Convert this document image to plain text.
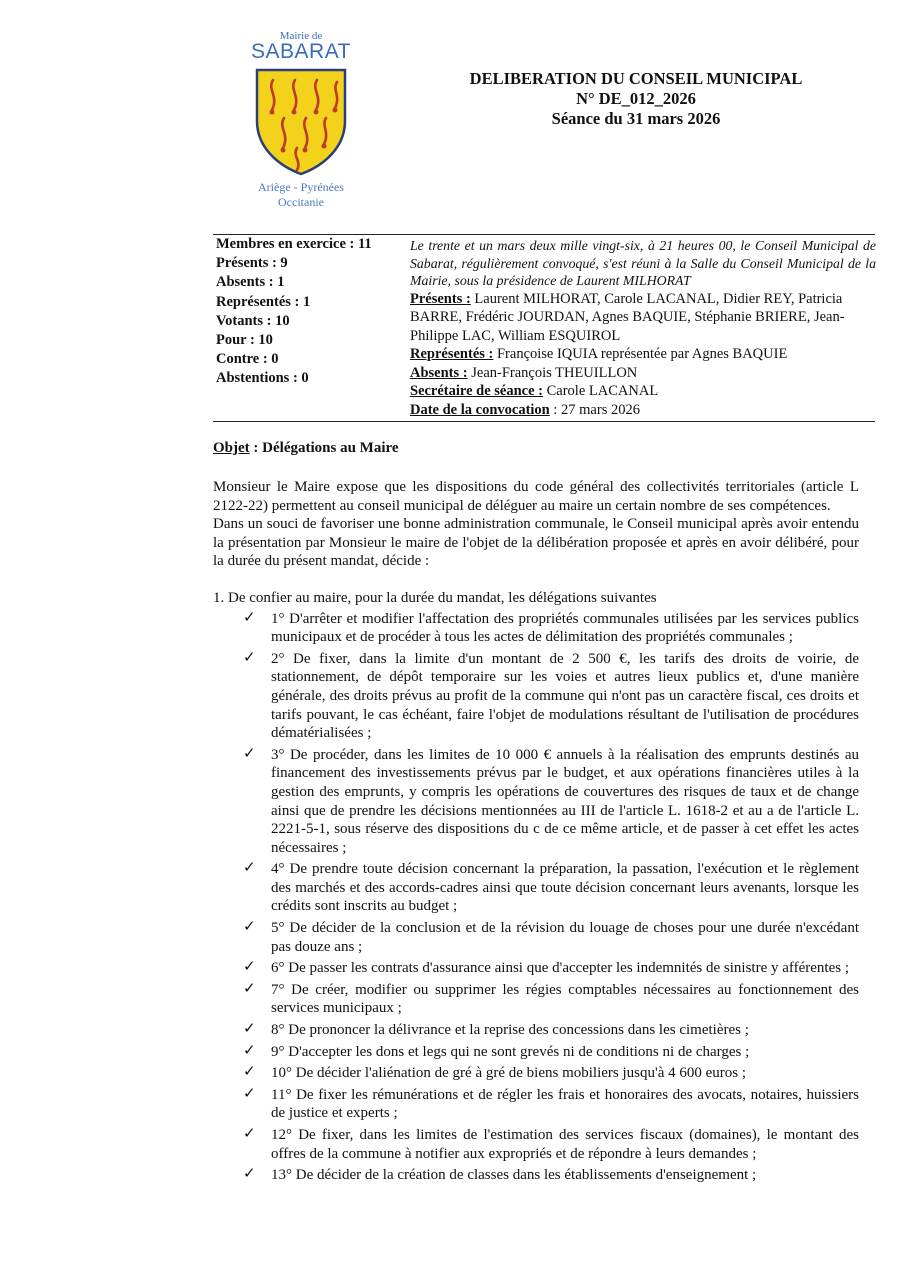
Mairie de
SABARAT
Ariège - Pyrénées
Occitanie
DELIBERATION DU CONSEIL MUNICIPAL
N° DE_012_2026
Séance du 31 mars 2026
Membres en exercice : 11
Présents : 9
Absents : 1
Représentés : 1
Votants : 10
Pour : 10
Contre : 0
Abstentions : 0
Le trente et un mars deux mille vingt-six, à 21 heures 00, le Conseil Municipal de Sabarat, régulièrement convoqué, s'est réuni à la Salle du Conseil Municipal de la Mairie, sous la présidence de Laurent MILHORAT
Présents : Laurent MILHORAT, Carole LACANAL, Didier REY, Patricia BARRE, Frédéric JOURDAN, Agnes BAQUIE, Stéphanie BRIERE, Jean-Philippe LAC, William ESQUIROL
Représentés : Françoise IQUIA représentée par Agnes BAQUIE
Absents : Jean-François THEUILLON
Secrétaire de séance : Carole LACANAL
Date de la convocation : 27 mars 2026
Objet : Délégations au Maire

Monsieur le Maire expose que les dispositions du code général des collectivités territoriales (article L 2122-22) permettent au conseil municipal de déléguer au maire un certain nombre de ses compétences.

Dans un souci de favoriser une bonne administration communale, le Conseil municipal après avoir entendu la présentation par Monsieur le maire de l'objet de la délibération proposée et après en avoir délibéré, pour la durée du présent mandat, décide :

1. De confier au maire, pour la durée du mandat, les délégations suivantes

✓ 1° D'arrêter et modifier l'affectation des propriétés communales utilisées par les services publics municipaux et de procéder à tous les actes de délimitation des propriétés communales ;
✓ 2° De fixer, dans la limite d'un montant de 2 500 €, les tarifs des droits de voirie, de stationnement, de dépôt temporaire sur les voies et autres lieux publics et, d'une manière générale, des droits prévus au profit de la commune qui n'ont pas un caractère fiscal, ces droits et tarifs pouvant, le cas échéant, faire l'objet de modulations résultant de l'utilisation de procédures dématérialisées ;
✓ 3° De procéder, dans les limites de 10 000 € annuels à la réalisation des emprunts destinés au financement des investissements prévus par le budget, et aux opérations financières utiles à la gestion des emprunts, y compris les opérations de couvertures des risques de taux et de change ainsi que de prendre les décisions mentionnées au III de l'article L. 1618-2 et au a de l'article L. 2221-5-1, sous réserve des dispositions du c de ce même article, et de passer à cet effet les actes nécessaires ;
✓ 4° De prendre toute décision concernant la préparation, la passation, l'exécution et le règlement des marchés et des accords-cadres ainsi que toute décision concernant leurs avenants, lorsque les crédits sont inscrits au budget ;
✓ 5° De décider de la conclusion et de la révision du louage de choses pour une durée n'excédant pas douze ans ;
✓ 6° De passer les contrats d'assurance ainsi que d'accepter les indemnités de sinistre y afférentes ;
✓ 7° De créer, modifier ou supprimer les régies comptables nécessaires au fonctionnement des services municipaux ;
✓ 8° De prononcer la délivrance et la reprise des concessions dans les cimetières ;
✓ 9° D'accepter les dons et legs qui ne sont grevés ni de conditions ni de charges ;
✓ 10° De décider l'aliénation de gré à gré de biens mobiliers jusqu'à 4 600 euros ;
✓ 11° De fixer les rémunérations et de régler les frais et honoraires des avocats, notaires, huissiers de justice et experts ;
✓ 12° De fixer, dans les limites de l'estimation des services fiscaux (domaines), le montant des offres de la commune à notifier aux expropriés et de répondre à leurs demandes ;
✓ 13° De décider de la création de classes dans les établissements d'enseignement ;
